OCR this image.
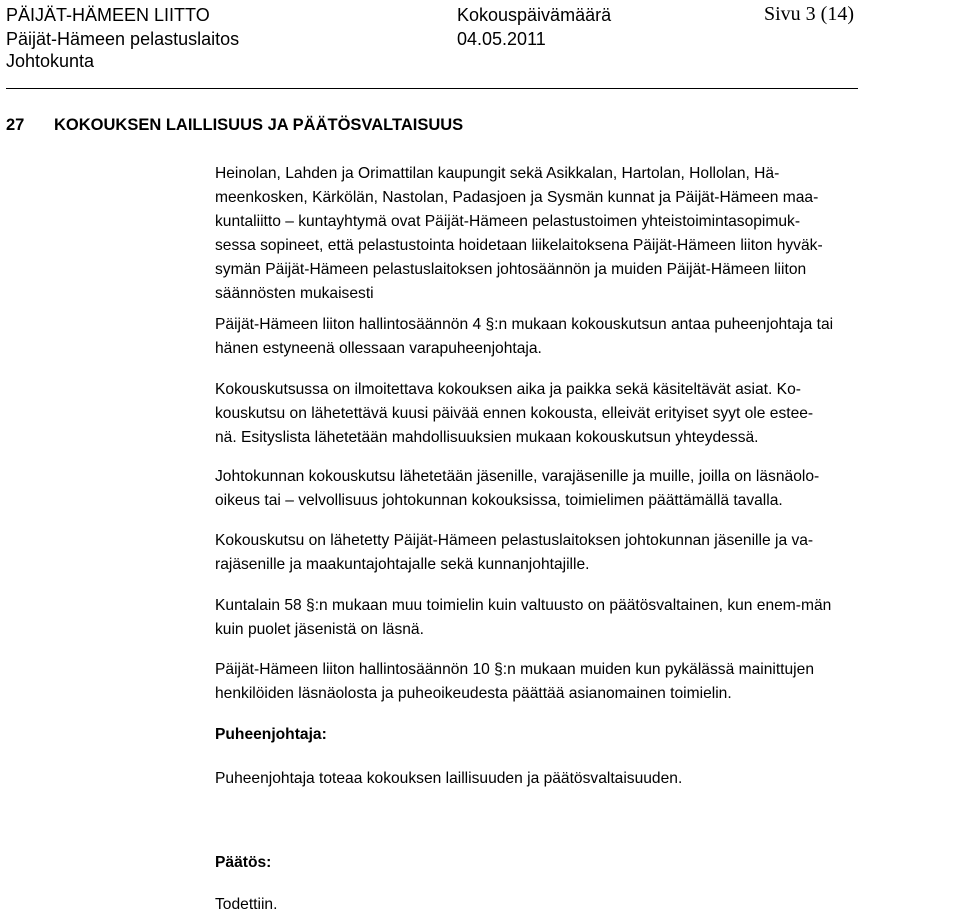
PÄIJÄT-HÄMEEN LIITTO
Päijät-Hämeen pelastuslaitos
Johtokunta
Kokouspäivämäärä
04.05.2011
Sivu 3 (14)
27 KOKOUKSEN LAILLISUUS JA PÄÄTÖSVALTAISUUS

Heinolan, Lahden ja Orimattilan kaupungit sekä Asikkalan, Hartolan, Hollolan, Hä-
meenkosken, Kärkölän, Nastolan, Padasjoen ja Sysmän kunnat ja Päijät-Hämeen maa-
kuntaliitto – kuntayhtymä ovat Päijät-Hämeen pelastustoimen yhteistoimintasopimuk-
sessa sopineet, että pelastustointa hoidetaan liikelaitoksena Päijät-Hämeen liiton hyväk-
symän Päijät-Hämeen pelastuslaitoksen johtosäännön ja muiden Päijät-Hämeen liiton
säännösten mukaisesti

Päijät-Hämeen liiton hallintosäännön 4 §:n mukaan kokouskutsun antaa puheenjohtaja tai
hänen estyneenä ollessaan varapuheenjohtaja.

Kokouskutsussa on ilmoitettava kokouksen aika ja paikka sekä käsiteltävät asiat. Ko-
kouskutsu on lähetettävä kuusi päivää ennen kokousta, elleivät erityiset syyt ole estee-
nä. Esityslista lähetetään mahdollisuuksien mukaan kokouskutsun yhteydessä.

Johtokunnan kokouskutsu lähetetään jäsenille, varajäsenille ja muille, joilla on läsnäolo-
oikeus tai – velvollisuus johtokunnan kokouksissa, toimielimen päättämällä tavalla.

Kokouskutsu on lähetetty Päijät-Hämeen pelastuslaitoksen johtokunnan jäsenille ja va-
rajäsenille ja maakuntajohtajalle sekä kunnanjohtajille.

Kuntalain 58 §:n mukaan muu toimielin kuin valtuusto on päätösvaltainen, kun enem-män
kuin puolet jäsenistä on läsnä.

Päijät-Hämeen liiton hallintosäännön 10 §:n mukaan muiden kun pykälässä mainittujen
henkilöiden läsnäolosta ja puheoikeudesta päättää asianomainen toimielin.

Puheenjohtaja:

Puheenjohtaja toteaa kokouksen laillisuuden ja päätösvaltaisuuden.

Päätös:

Todettiin.
